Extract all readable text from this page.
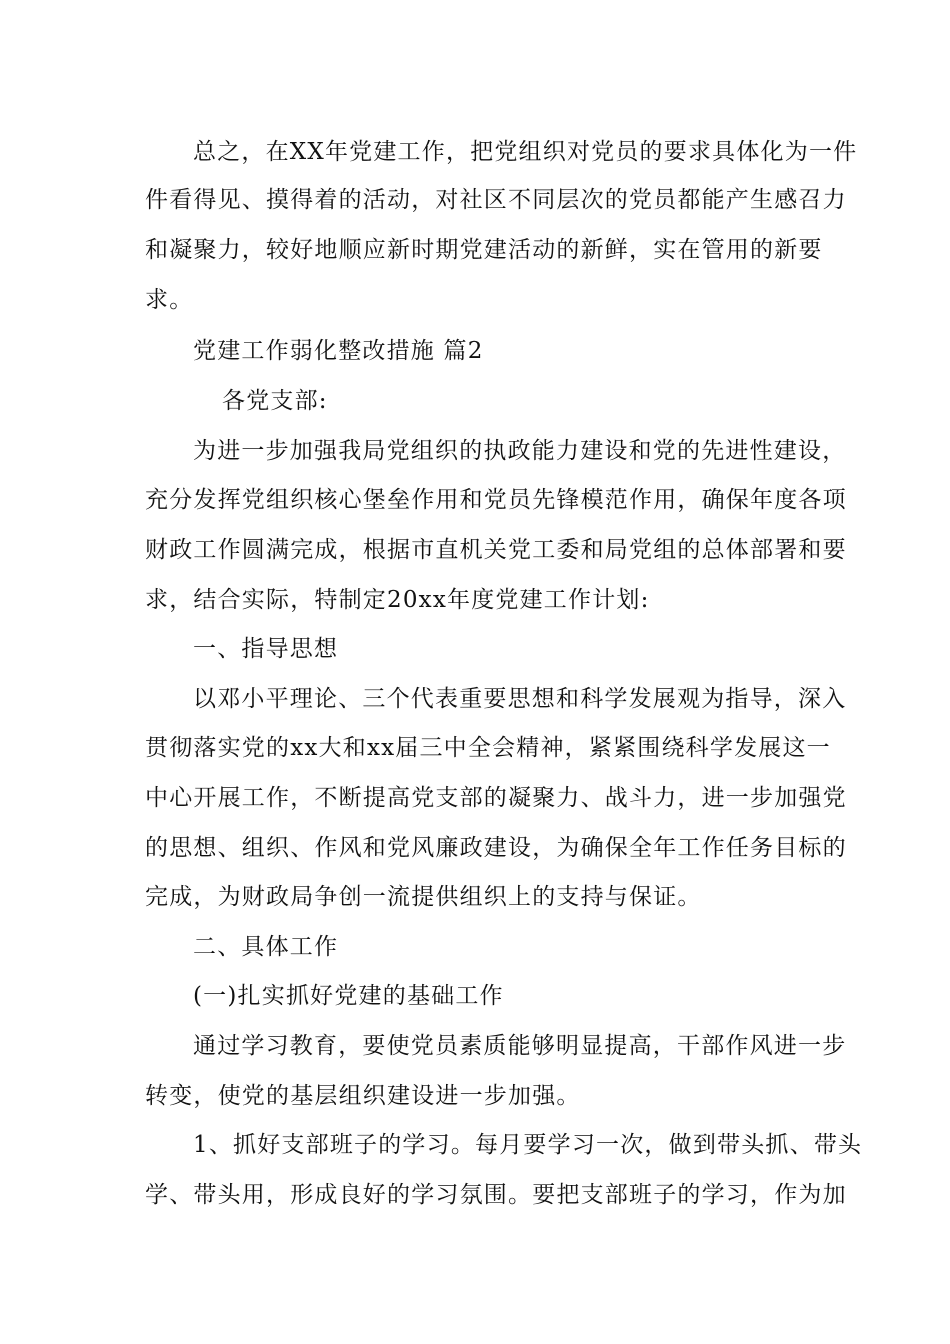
总之，在XX年党建工作，把党组织对党员的要求具体化为一件
件看得见、摸得着的活动，对社区不同层次的党员都能产生感召力
和凝聚力，较好地顺应新时期党建活动的新鲜，实在管用的新要
求。
党建工作弱化整改措施 篇2
各党支部:
为进一步加强我局党组织的执政能力建设和党的先进性建设，
充分发挥党组织核心堡垒作用和党员先锋模范作用，确保年度各项
财政工作圆满完成，根据市直机关党工委和局党组的总体部署和要
求，结合实际，特制定20xx年度党建工作计划:
一、指导思想
以邓小平理论、三个代表重要思想和科学发展观为指导，深入
贯彻落实党的xx大和xx届三中全会精神，紧紧围绕科学发展这一
中心开展工作，不断提高党支部的凝聚力、战斗力，进一步加强党
的思想、组织、作风和党风廉政建设，为确保全年工作任务目标的
完成，为财政局争创一流提供组织上的支持与保证。
二、具体工作
(一)扎实抓好党建的基础工作
通过学习教育，要使党员素质能够明显提高，干部作风进一步
转变，使党的基层组织建设进一步加强。
1、抓好支部班子的学习。每月要学习一次，做到带头抓、带头
学、带头用，形成良好的学习氛围。要把支部班子的学习，作为加
